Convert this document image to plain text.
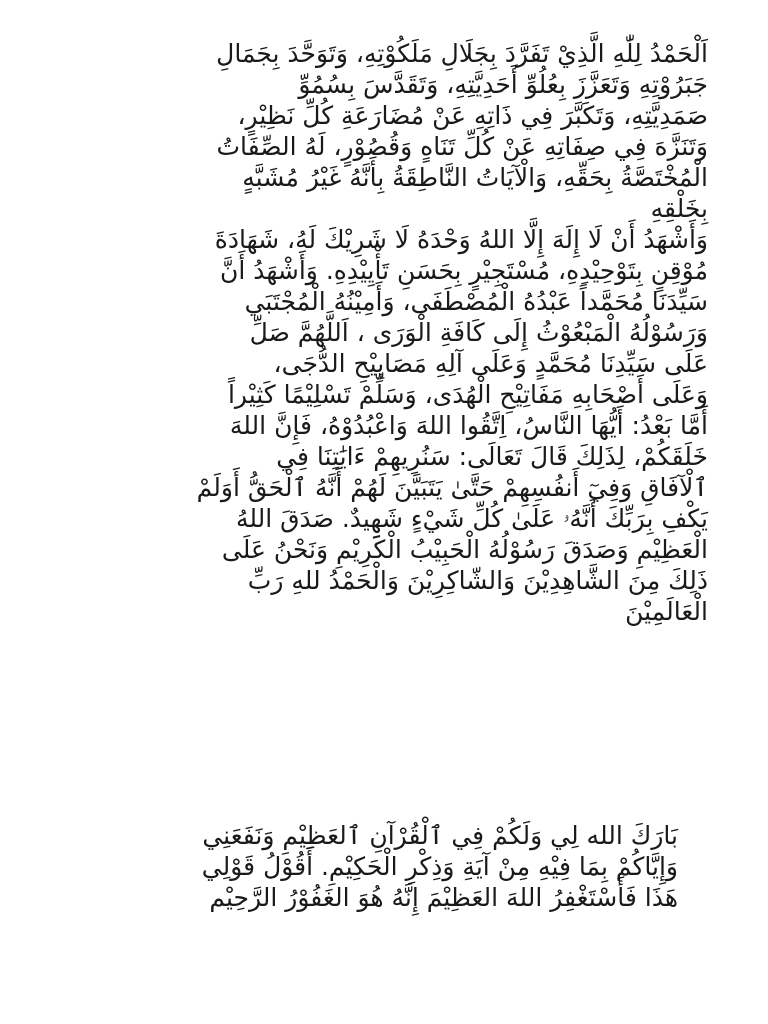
اَلْحَمْدُ لِلّٰهِ الَّذِيْ تَفَرَّدَ بِجَلَالِ مَلَكُوْتِهِ، وَتَوَحَّدَ بِجَمَالِ
جَبَرُوْتِهِ وَتَعَزَّزَ بِعُلُوِّ أَحَدِيَّتِهِ، وَتَقَدَّسَ بِسُمُوِّ
صَمَدِيَّتِهِ، وَتَكَبَّرَ فِي ذَاتِهِ عَنْ مُضَارَعَةِ كُلِّ نَظِيْرٍ،
وَتَنَزَّهَ فِي صِفَاتِهِ عَنْ كُلِّ تَنَاهٍ وَقُصُوْرٍ، لَهُ الصِّفَاتُ
الْمُخْتَصَّةُ بِحَقِّهِ، وَالْآيَاتُ النَّاطِقَةُ بِأَنَّهُ غَيْرُ مُشَبَّهٍ
بِخَلْقِهِ
وَأَشْهَدُ أَنْ لَا إِلَهَ إِلَّا اللهُ وَحْدَهُ لَا شَرِيْكَ لَهُ، شَهَادَةَ
مُوْقِنٍ بِتَوْحِيْدِهِ، مُسْتَجِيْرٍ بِحَسَنِ تَأْيِيْدِهِ. وَأَشْهَدُ أَنَّ
سَيِّدَنَا مُحَمَّداً عَبْدُهُ الْمُصْطَفَى، وَأَمِيْنُهُ الْمُجْتَبَي
وَرَسُوْلُهُ الْمَبْعُوْثُ إِلَى كَافَةِ الْوَرَى ، اَللَّهُمَّ صَلِّ
عَلَى سَيِّدِنَا مُحَمَّدٍ وَعَلَى آلِهِ مَصَابِيْحِ الدُّجَى،
وَعَلَى أَصْحَابِهِ مَفَاتِيْحِ الْهُدَى، وَسَلِّمْ تَسْلِيْمًا كَثِيْراً
أَمَّا بَعْدُ: أَيُّهَا النَّاسُ، اِتَّقُوا اللهَ وَاعْبُدُوْهُ، فَإِنَّ اللهَ
خَلَقَكُمْ، لِذَلِكَ قَالَ تَعَالَى: سَنُرِيهِمْ ءَايَٰتِنَا فِي
ٱلْآفَاقِ وَفِيٓ أَنفُسِهِمْ حَتَّىٰ يَتَبَيَّنَ لَهُمْ أَنَّهُ ٱلْحَقُّ أَوَلَمْ
يَكْفِ بِرَبِّكَ أَنَّهُۥ عَلَىٰ كُلِّ شَيْءٍ شَهِيدٌ. صَدَقَ اللهُ
الْعَظِيْمِ وَصَدَقَ رَسُوْلُهُ الْحَبِيْبُ الْكَرِيْمِ وَنَحْنُ عَلَى
ذَلِكَ مِنَ الشَّاهِدِيْنَ وَالشّاكِرِيْنَ وَالْحَمْدُ للهِ رَبِّ
الْعَالَمِيْنَ
بَارَكَ الله لِي وَلَكُمْ فِي ٱلْقُرْآنِ ٱلعَظِيْمِ وَنَفَعَنِي
وَإِيَّاكُمْ بِمَا فِيْهِ مِنْ آيَةِ وَذِكْرِ الْحَكِيْمِ. أَقُوْلُ قَوْلِي
هَذَا فَأَسْتَغْفِرُ اللهَ العَظِيْمَ إِنَّهُ هُوَ الغَفُوْرُ الرَّحِيْم
